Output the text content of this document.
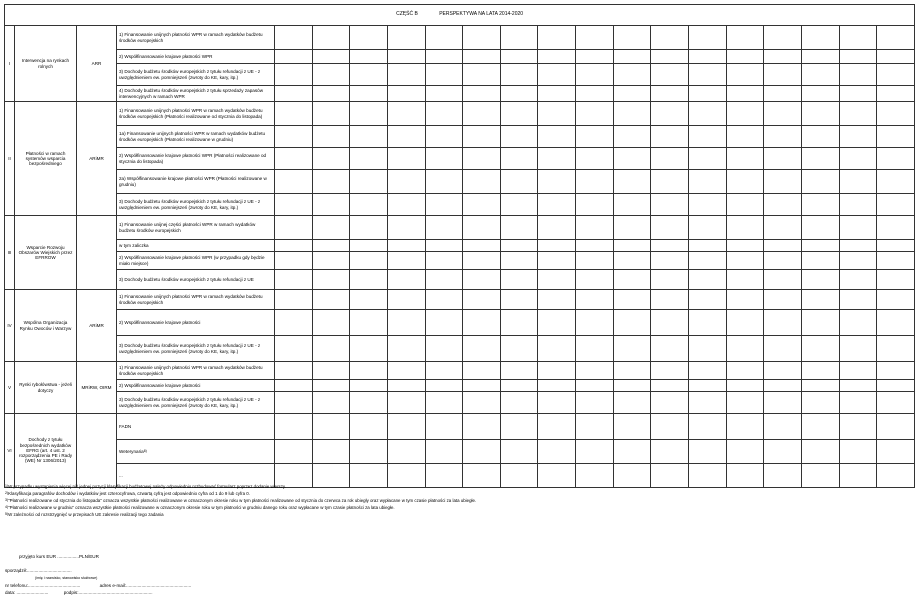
CZĘŚĆ B PERSPEKTYWA NA LATA 2014-2020																				
I	Interwencja na rynkach rolnych	ARR	1) Finansowanie unijnych płatności WPR w ramach wydatków budżetu środków europejskich																	
			2) Współfinansowanie krajowe płatności WPR																	
			3) Dochody budżetu środków europejskich z tytułu refundacji z UE - z uwzględnieniem ew. pomniejszeń (zwroty do KE, kary, itp.)																	
			4) Dochody budżetu środków europejskich z tytułu sprzedaży zapasów interwencyjnych w ramach WPR																	
II	Płatności w ramach systemów wsparcia bezpośredniego	ARiMR	1) Finansowanie unijnych płatności WPR w ramach wydatków budżetu środków europejskich (Płatności realizowane od stycznia do listopada)																	
			1a) Finansowanie unijnych płatności WPR w ramach wydatków budżetu środków europejskich (Płatności realizowane w grudniu)																	
			2) Współfinansowanie krajowe płatności WPR (Płatności realizowane od stycznia do listopada)																	
			2a) Współfinansowanie krajowe płatności WPR (Płatności realizowane w grudniu)																	
			3) Dochody budżetu środków europejskich z tytułu refundacji z UE - z uwzględnieniem ew. pomniejszeń (zwroty do KE, kary, itp.)																	
III	Wsparcie Rozwoju Obszarów Wiejskich przez EFRROW		1) Finansowanie unijnej części płatności WPR w ramach wydatków budżetu środków europejskich																	
			w tym zaliczka																	
			2) Współfinansowanie krajowe płatności WPR (w przypadku gdy będzie miało miejsce)																	
			3) Dochody budżetu środków europejskich z tytułu refundacji z UE																	
IV	Wspólna Organizacja Rynku Owoców i Warzyw	ARiMR	1) Finansowanie unijnych płatności WPR w ramach wydatków budżetu środków europejskich																	
			2) Współfinansowanie krajowe płatności																	
			3) Dochody budżetu środków europejskich z tytułu refundacji z UE - z uwzględnieniem ew. pomniejszeń (zwroty do KE, kary, itp.)																	
V	Rynki rybołówstwa - jeżeli dotyczy	MRiRW, OIRM	1) Finansowanie unijnych płatności WPR w ramach wydatków budżetu środków europejskich																	
			2) Współfinansowanie krajowe płatności																	
			3) Dochody budżetu środków europejskich z tytułu refundacji z UE - z uwzględnieniem ew. pomniejszeń (zwroty do KE, kary, itp.)																	
VI	Dochody z tytułu bezpośrednich wydatków EFRG (art. 4 ust. 2 rozporządzenia PE i Rady (WE) Nr 1306/2013)		FADN																	
			Weterynaria$^{6)}$																	
			...																	
$^{1)}$W przypadku wystąpienia więcej niż jednej pozycji klasyfikacji budżetowej należy odpowiednio rozbudować formularz poprzez dodanie wierszy.
$^{2)}$Klasyfikacja paragrafów dochodów i wydatków jest czterocyfrowa, czwartą cyfrą jest odpowiednio cyfra od 1 do 9 lub cyfra 0.
$^{3)}$"Płatności realizowane od stycznia do listopada" oznacza wszystkie płatności realizowane w oznaczonym okresie roku w tym płatności realizowane od stycznia do czerwca za rok ubiegły oraz wypłacane w tym czasie płatności za lata ubiegłe.
$^{4)}$"Płatności realizowane w grudniu" oznacza wszystkie płatności realizowane w oznaczonym okresie roku w tym płatności w grudniu danego roku oraz wypłacane w tym czasie płatności za lata ubiegłe.
$^{5)}$W zależności od rozstrzygnięć w przepisach UE zakresie realizacji tego zadania
przyjęto kurs EUR .................PLN/EUR
sporządził:...................................
(imię i nazwisko, stanowisko służbowe)
nr telefonu:.........................................	adres e-mail:...................................................
data: .........................	podpis:..........................................................
